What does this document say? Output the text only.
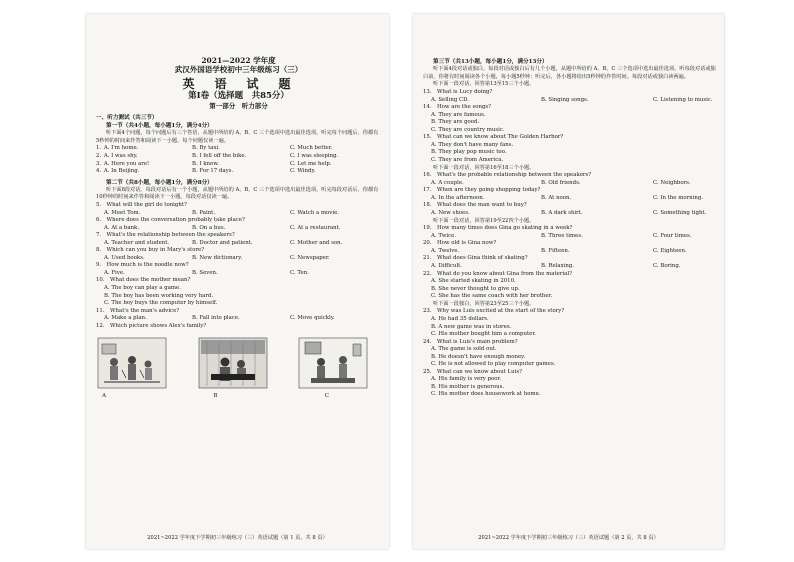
2021—2022 学年度
武汉外国语学校初中三年级练习（三）
英　语　试　题
第Ⅰ卷（选择题　共85分）
第一部分　听力部分
一、听力测试（共三节）
第一节（共4小题，每小题1分，满分4分）
听下面4个问题，每个问题后有三个答语，从题中所给的 A、B、C 三个选项中选出最佳选项。听完每个问题后，你都有5秒钟的时间来作答和阅读下一小题。每个问题仅读一遍。
1.  A. I'm home.	B. By taxi.	C. Much better.
2.  A. I was shy.	B. I fell off the bike.	C. I was sleeping.
3.  A. Here you are!	B. I know.	C. Let me help.
4.  A. In Beijing.	B. For 17 days.	C. Windy.
第二节（共8小题，每小题1分，满分8分）
听下面8段对话。每段对话后有一个小题，从题中所给的 A、B、C 三个选项中选出最佳选项。听完每段对话后，你都有10秒钟的时间来作答和阅读下一小题。每段对话仅读一遍。
5.　What will the girl do tonight?
A. Meet Tom.	B. Paint.	C. Watch a movie.
6.　Where does the conversation probably take place?
A. At a bank.	B. On a bus.	C. At a restaurant.
7.　What's the relationship between the speakers?
A. Teacher and student.	B. Doctor and patient.	C. Mother and son.
8.　Which can you buy in Mary's store?
A. Used books.	B. New dictionary.	C. Newspaper.
9.　How much is the noodle now?
A. Five.	B. Seven.	C. Ten.
10.　What does the mother mean?
A. The boy can play a game.
B. The boy has been working very hard.
C. The boy buys the computer by himself.
11.　What's the man's advice?
A. Make a plan.	B. Fall into place.	C. Move quickly.
12.　Which picture shows Alex's family?
A	B	C
2021~2022 学年度下学期初三年级练习（三）英语试题（第 1 页，共 8 页）
第三节（共13小题，每小题1分，满分13分）
听下面4段对话或独白。每段对话或独白后有几个小题，从题中所给的 A、B、C 三个选项中选出最佳选项。听每段对话或独白前，你将有时间阅读各个小题，每小题5秒钟；听完后，各小题将给出5秒钟的作答时间。每段对话或独白读两遍。
听下面一段对话，回答第13至15三个小题。
13.　What is Lucy doing?
A. Selling CD.	B. Singing songs.	C. Listening to music.
14.　How are the songs?
A. They are famous.
B. They are good.
C. They are country music.
15.　What can we know about The Golden Harbor?
A. They don't have many fans.
B. They play pop music too.
C. They are from America.
听下面一段对话，回答第16至18三个小题。
16.　What's the probable relationship between the speakers?
A. A couple.	B. Old friends.	C. Neighbors.
17.　When are they going shopping today?
A. In the afternoon.	B. At noon.	C. In the morning.
18.　What does the man want to buy?
A. New shoes.	B. A dark shirt.	C. Something tight.
听下面一段对话，回答第19至22四个小题。
19.　How many times does Gina go skating in a week?
A. Twice.	B. Three times.	C. Four times.
20.　How old is Gina now?
A. Twelve.	B. Fifteen.	C. Eighteen.
21.　What does Gina think of skating?
A. Difficult.	B. Relaxing.	C. Boring.
22.　What do you know about Gina from the material?
A. She started skating in 2010.
B. She never thought to give up.
C. She has the same coach with her brother.
听下面一段独白，回答第23至25三个小题。
23.　Why was Luis excited at the start of the story?
A. He had 35 dollars.
B. A new game was in stores.
C. His mother bought him a computer.
24.　What is Luis's main problem?
A. The game is sold out.
B. He doesn't have enough money.
C. He is not allowed to play computer games.
25.　What can we know about Luis?
A. His family is very poor.
B. His mother is generous.
C. His mother does housework at home.
2021~2022 学年度下学期初三年级练习（三）英语试题（第 2 页，共 8 页）
